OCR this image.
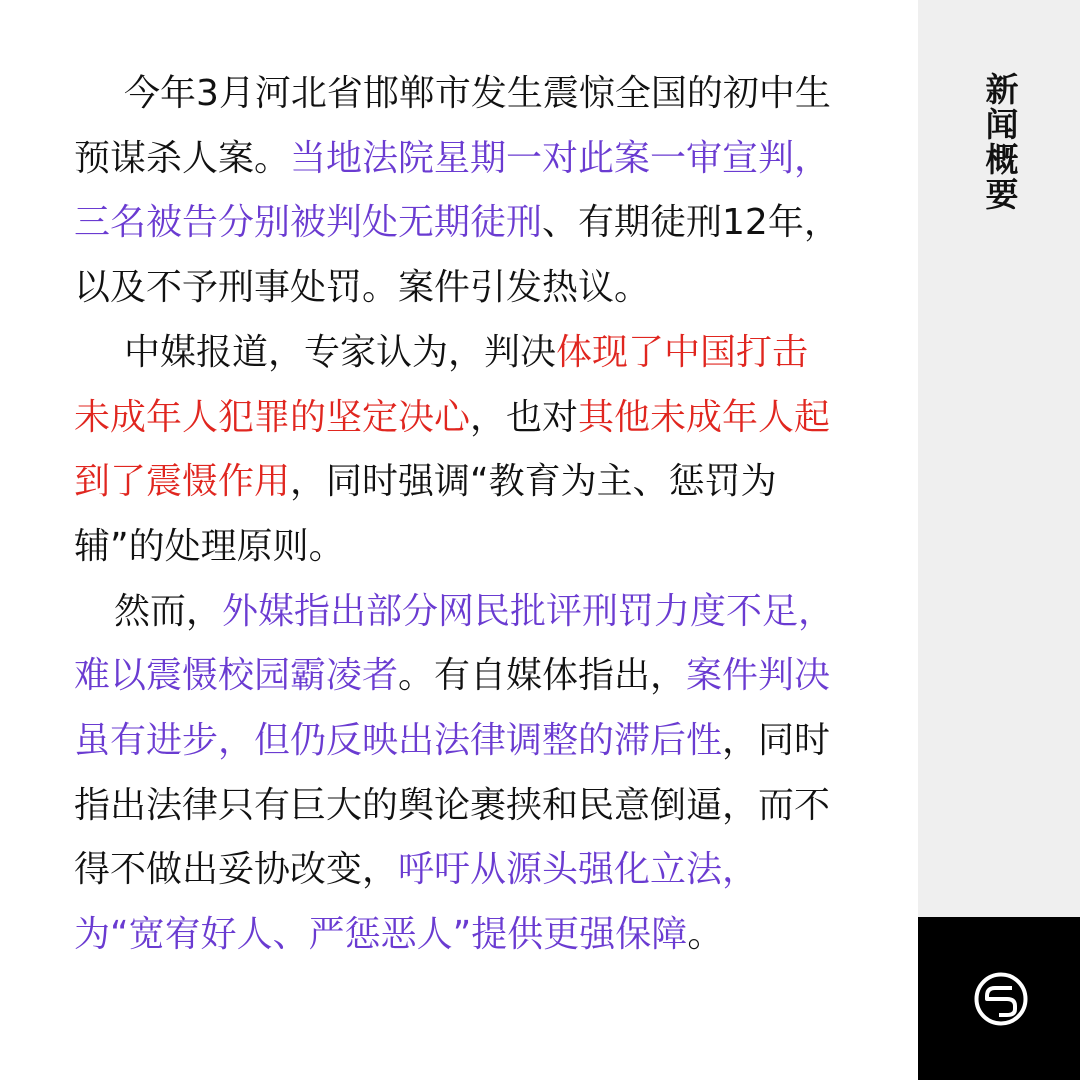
今年3月河北省邯郸市发生震惊全国的初中生预谋杀人案。当地法院星期一对此案一审宣判，三名被告分别被判处无期徒刑、有期徒刑12年，以及不予刑事处罚。案件引发热议。

中媒报道，专家认为，判决体现了中国打击未成年人犯罪的坚定决心，也对其他未成年人起到了震慑作用，同时强调“教育为主、惩罚为辅”的处理原则。

然而，外媒指出部分网民批评刑罚力度不足，难以震慑校园霸凌者。有自媒体指出，案件判决虽有进步，但仍反映出法律调整的滞后性，同时指出法律只有巨大的舆论裹挟和民意倒逼，而不得不做出妥协改变，呼吁从源头强化立法，为“宽宥好人、严惩恶人”提供更强保障。

新闻概要
